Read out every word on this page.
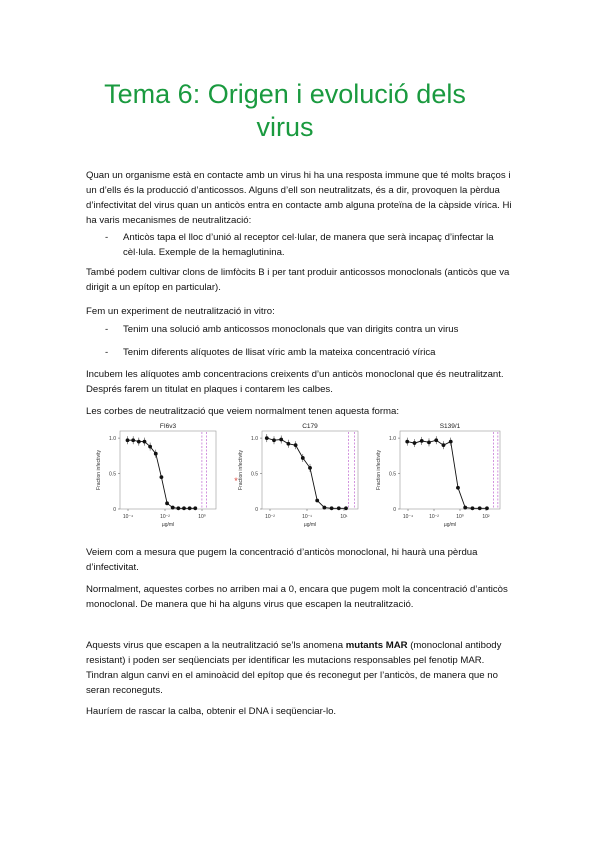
Tema 6: Origen i evolució dels
virus

Quan un organisme està en contacte amb un virus hi ha una resposta immune que té molts braços i un d’ells és la producció d’anticossos. Alguns d’ell son neutralitzats, és a dir, provoquen la pèrdua d’infectivitat del virus quan un anticòs entra en contacte amb alguna proteïna de la càpside vírica. Hi ha varis mecanismes de neutralització:

-	Anticòs tapa el lloc d’unió al receptor cel·lular, de manera que serà incapaç d’infectar la cèl·lula. Exemple de la hemaglutinina.

També podem cultivar clons de limfòcits B i per tant produir anticossos monoclonals (anticòs que va dirigit a un epítop en particular).

Fem un experiment de neutralització in vitro:

-	Tenim una solució amb anticossos monoclonals que van dirigits contra un virus
-	Tenim diferents alíquotes de llisat víric amb la mateixa concentració vírica

Incubem les alíquotes amb concentracions creixents d’un anticòs monoclonal que és neutralitzant. Després farem un titulat en plaques i contarem les calbes.

Les corbes de neutralització que veiem normalment tenen aquesta forma:

FI6v3
Fraction infectivity
0
0.5
1.0
10⁻⁴	10⁻²	10⁰
µg/ml
C179
Fraction infectivity
0
0.5
1.0
10⁻²	10⁻¹	10¹
µg/ml
S139/1
Fraction infectivity
0
0.5
1.0
10⁻⁴	10⁻²	10⁰	10²
µg/ml
*

Veiem com a mesura que pugem la concentració d’anticòs monoclonal, hi haurà una pèrdua d’infectivitat.

Normalment, aquestes corbes no arriben mai a 0, encara que pugem molt la concentració d’anticòs monoclonal. De manera que hi ha alguns virus que escapen la neutralització.

Aquests virus que escapen a la neutralització se’ls anomena mutants MAR (monoclonal antibody resistant) i poden ser seqüenciats per identificar les mutacions responsables pel fenotip MAR. Tindran algun canvi en el aminoàcid del epítop que és reconegut per l’anticòs, de manera que no seran reconeguts.

Hauríem de rascar la calba, obtenir el DNA i seqüenciar-lo.
